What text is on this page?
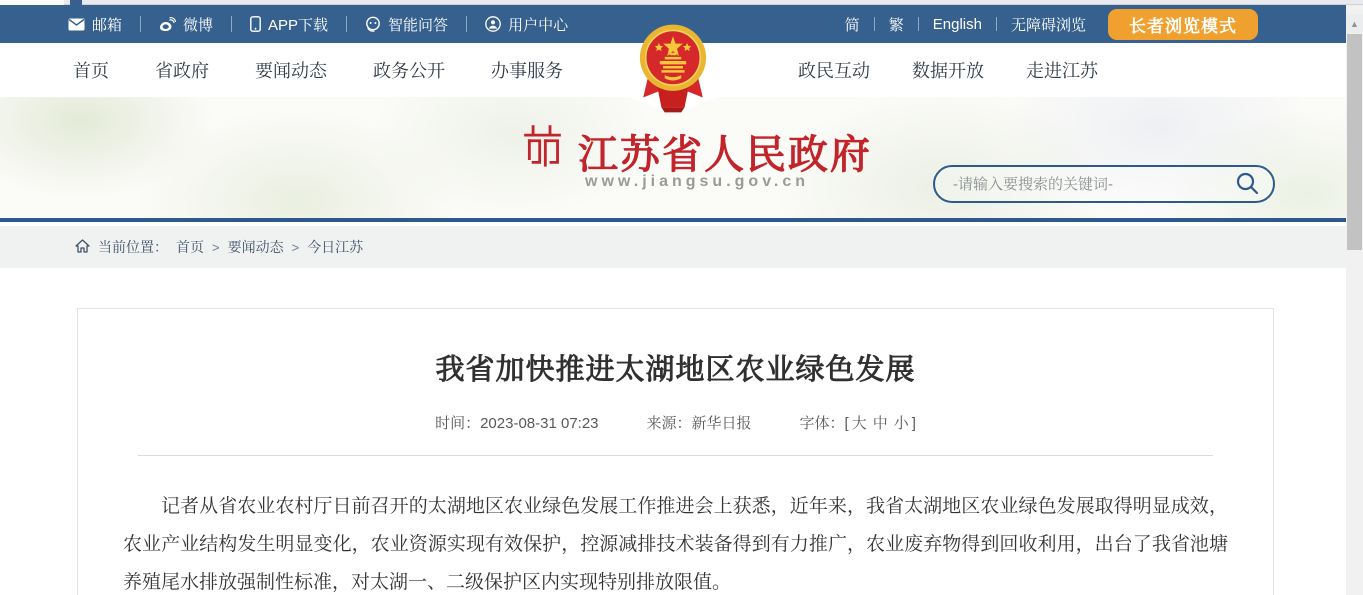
邮箱	微博	APP下载	智能问答	用户中心	简 繁 English 无障碍浏览	长者浏览模式
首页	省政府	要闻动态	政务公开	办事服务	政民互动 数据开放 走进江苏
江苏省人民政府
www.jiangsu.gov.cn
-请输入要搜索的关键词-
当前位置： 首页 > 要闻动态 > 今日江苏
我省加快推进太湖地区农业绿色发展
时间：2023-08-31 07:23	来源：新华日报	字体：[ 大 中 小 ]

记者从省农业农村厅日前召开的太湖地区农业绿色发展工作推进会上获悉，近年来，我省太湖地区农业绿色发展取得明显成效，农业产业结构发生明显变化，农业资源实现有效保护，控源减排技术装备得到有力推广，农业废弃物得到回收利用，出台了我省池塘养殖尾水排放强制性标准，对太湖一、二级保护区内实现特别排放限值。

▲
